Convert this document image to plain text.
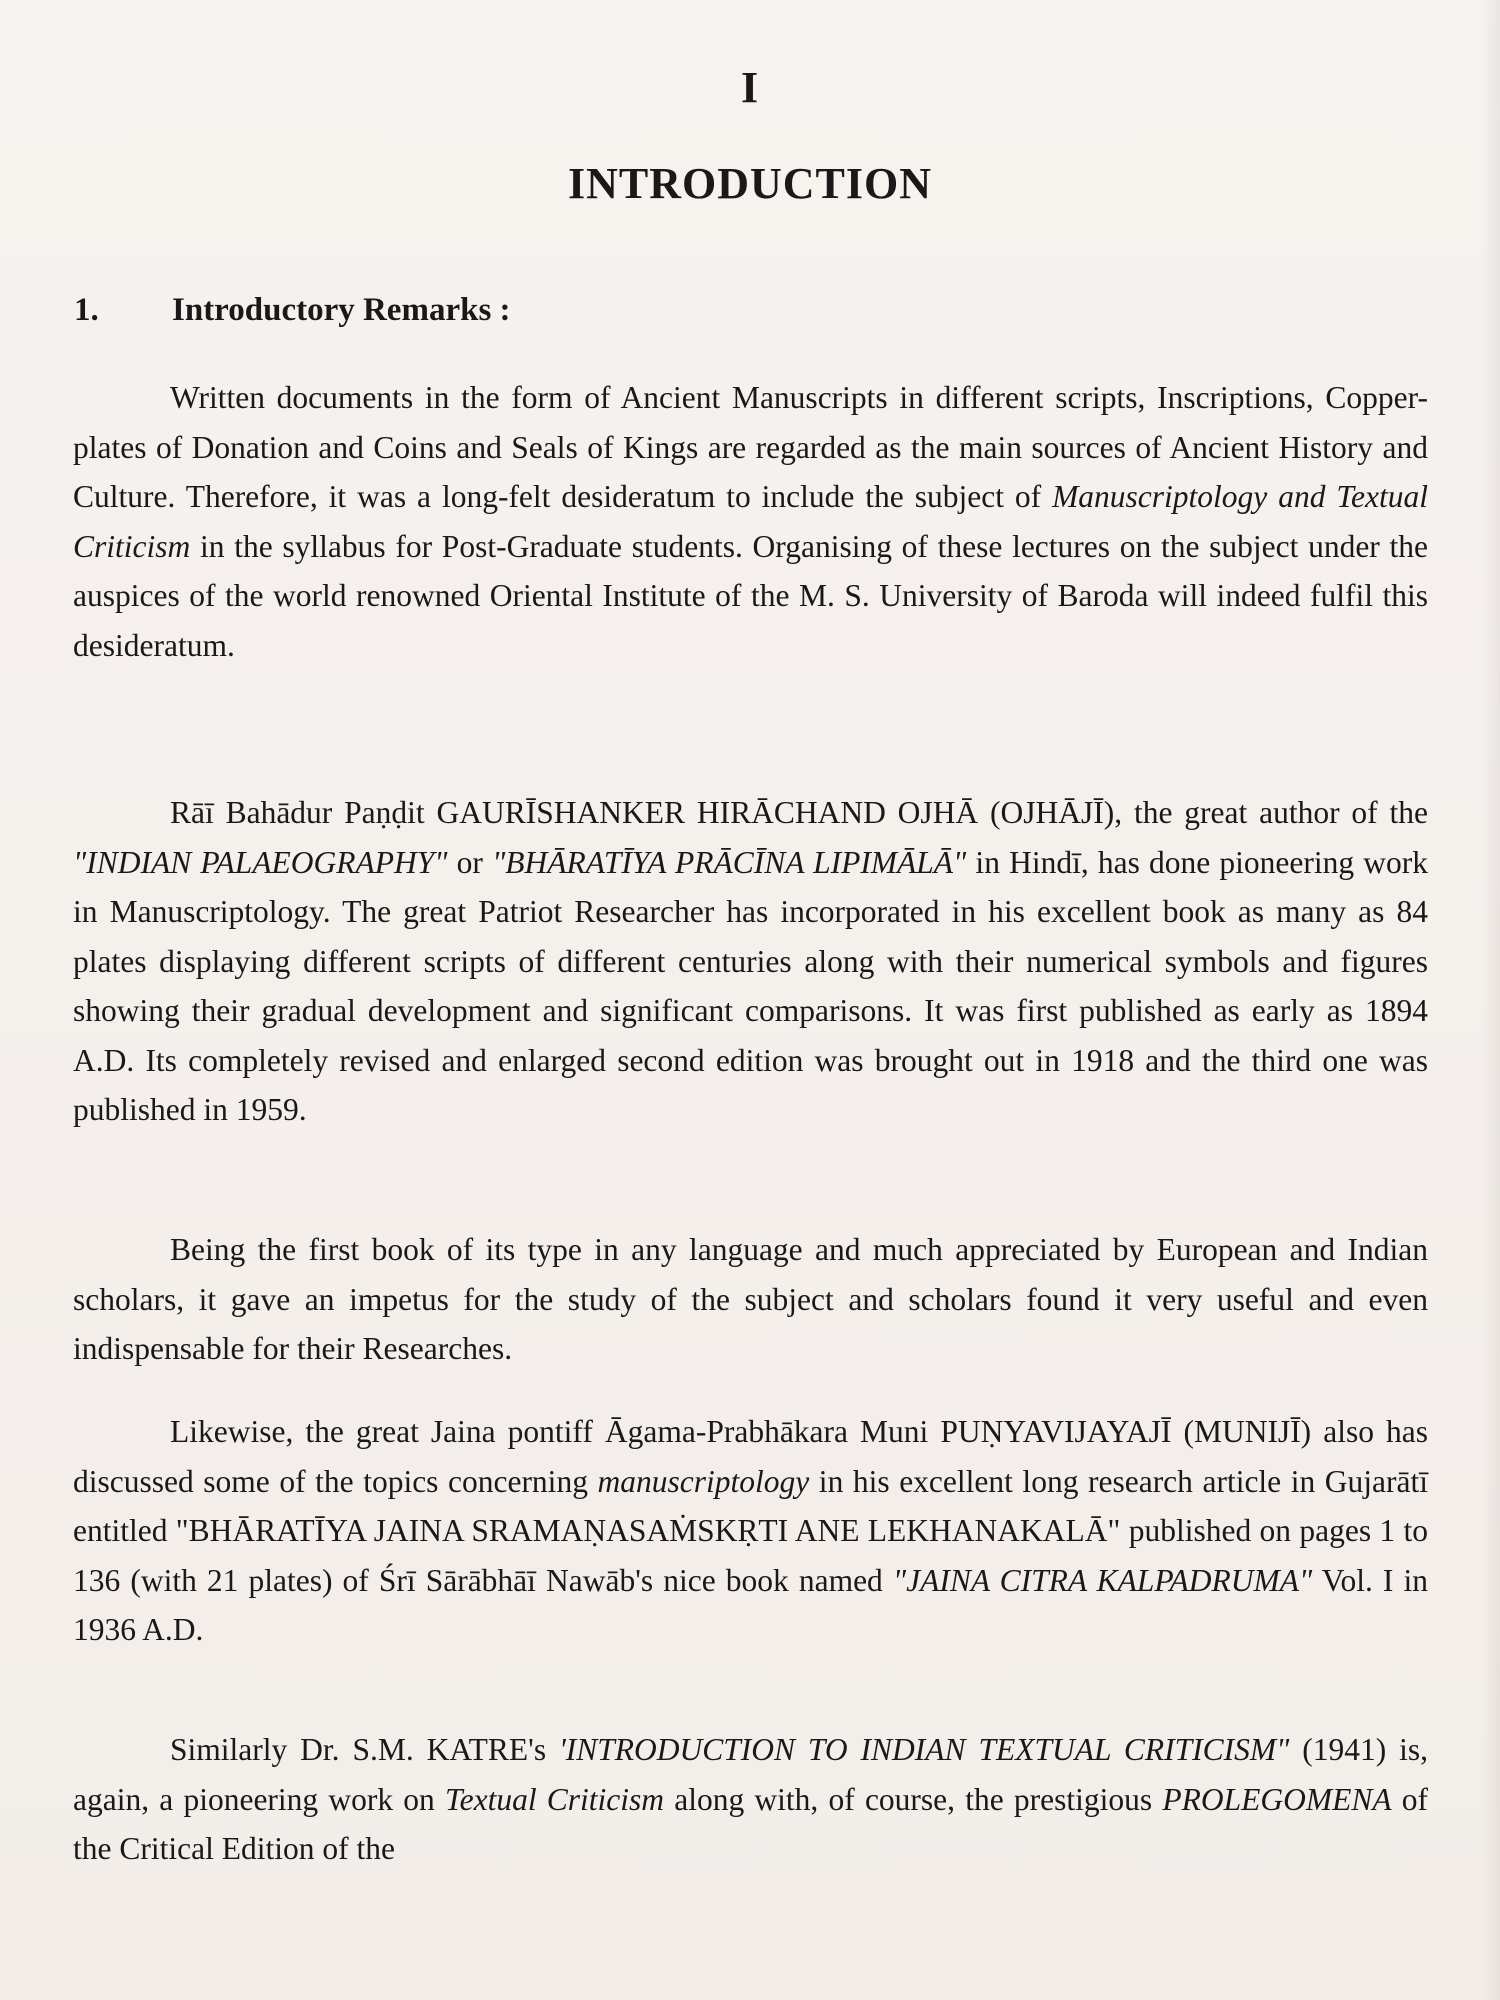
I
INTRODUCTION
1. Introductory Remarks :

Written documents in the form of Ancient Manuscripts in different scripts, Inscriptions, Copper-plates of Donation and Coins and Seals of Kings are regarded as the main sources of Ancient History and Culture. Therefore, it was a long-felt desideratum to include the subject of Manuscriptology and Textual Criticism in the syllabus for Post-Graduate students. Organising of these lectures on the subject under the auspices of the world renowned Oriental Institute of the M. S. University of Baroda will indeed fulfil this desideratum.

Rāī Bahādur Paṇḍit GAURĪSHANKER HIRĀCHAND OJHĀ (OJHĀJĪ), the great author of the "INDIAN PALAEOGRAPHY" or "BHĀRATĪYA PRĀCĪNA LIPIMĀLĀ" in Hindī, has done pioneering work in Manuscriptology. The great Patriot Researcher has incorporated in his excellent book as many as 84 plates displaying different scripts of different centuries along with their numerical symbols and figures showing their gradual development and significant comparisons. It was first published as early as 1894 A.D. Its completely revised and enlarged second edition was brought out in 1918 and the third one was published in 1959.

Being the first book of its type in any language and much appreciated by European and Indian scholars, it gave an impetus for the study of the subject and scholars found it very useful and even indispensable for their Researches.

Likewise, the great Jaina pontiff Āgama-Prabhākara Muni PUṆYAVIJAYAJĪ (MUNIJĪ) also has discussed some of the topics concerning manuscriptology in his excellent long research article in Gujarātī entitled "BHĀRATĪYA JAINA SRAMAṆASAṀSKṚTI ANE LEKHANAKALĀ" published on pages 1 to 136 (with 21 plates) of Śrī Sārābhāī Nawāb's nice book named "JAINA CITRA KALPADRUMA" Vol. I in 1936 A.D.

Similarly Dr. S.M. KATRE's 'INTRODUCTION TO INDIAN TEXTUAL CRITICISM" (1941) is, again, a pioneering work on Textual Criticism along with, of course, the prestigious PROLEGOMENA of the Critical Edition of the
